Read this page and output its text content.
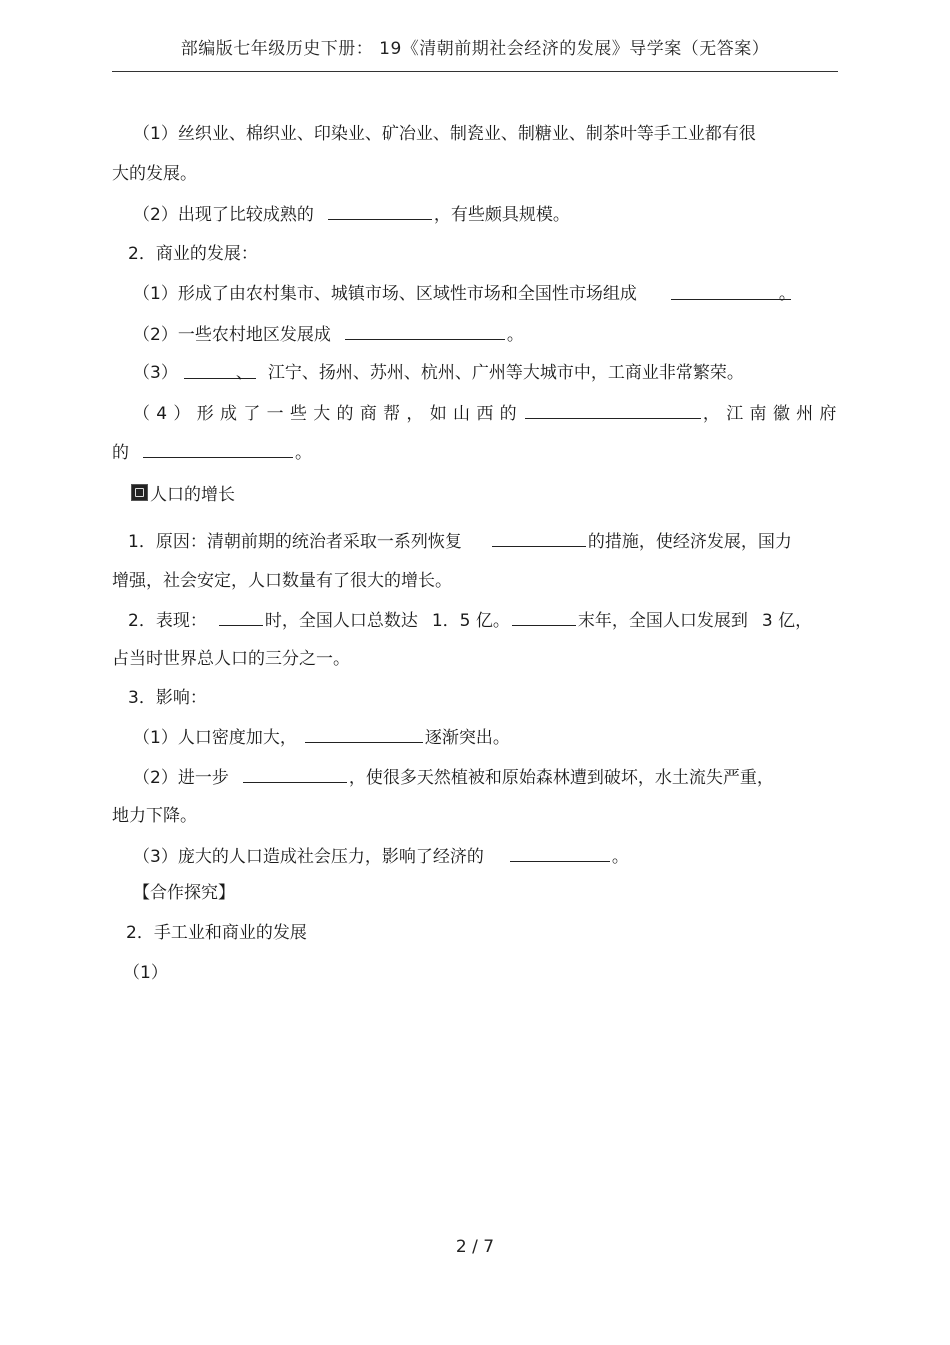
部编版七年级历史下册： 19《清朝前期社会经济的发展》导学案（无答案）
（1）丝织业、棉织业、印染业、矿冶业、制瓷业、制糖业、制茶叶等手工业都有很
大的发展。
（2）出现了比较成熟的	，有些颇具规模。
2．商业的发展：
（1）形成了由农村集市、城镇市场、区域性市场和全国性市场组成	。
（2）一些农村地区发展成	。
（3）	、 江宁、扬州、苏州、杭州、广州等大城市中，工商业非常繁荣。
（4）形成了一些大的商帮，如山西的	，江南徽州府
的	。
人口的增长
1．原因：清朝前期的统治者采取一系列恢复	的措施，使经济发展，国力
增强，社会安定，人口数量有了很大的增长。
2．表现：	时，全国人口总数达 1．5 亿。	末年，全国人口发展到 3 亿，
占当时世界总人口的三分之一。
3．影响：
（1）人口密度加大，	逐渐突出。
（2）进一步	，使很多天然植被和原始森林遭到破坏，水土流失严重，
地力下降。
（3）庞大的人口造成社会压力，影响了经济的	。
【合作探究】
2．手工业和商业的发展
（1）
2 / 7
